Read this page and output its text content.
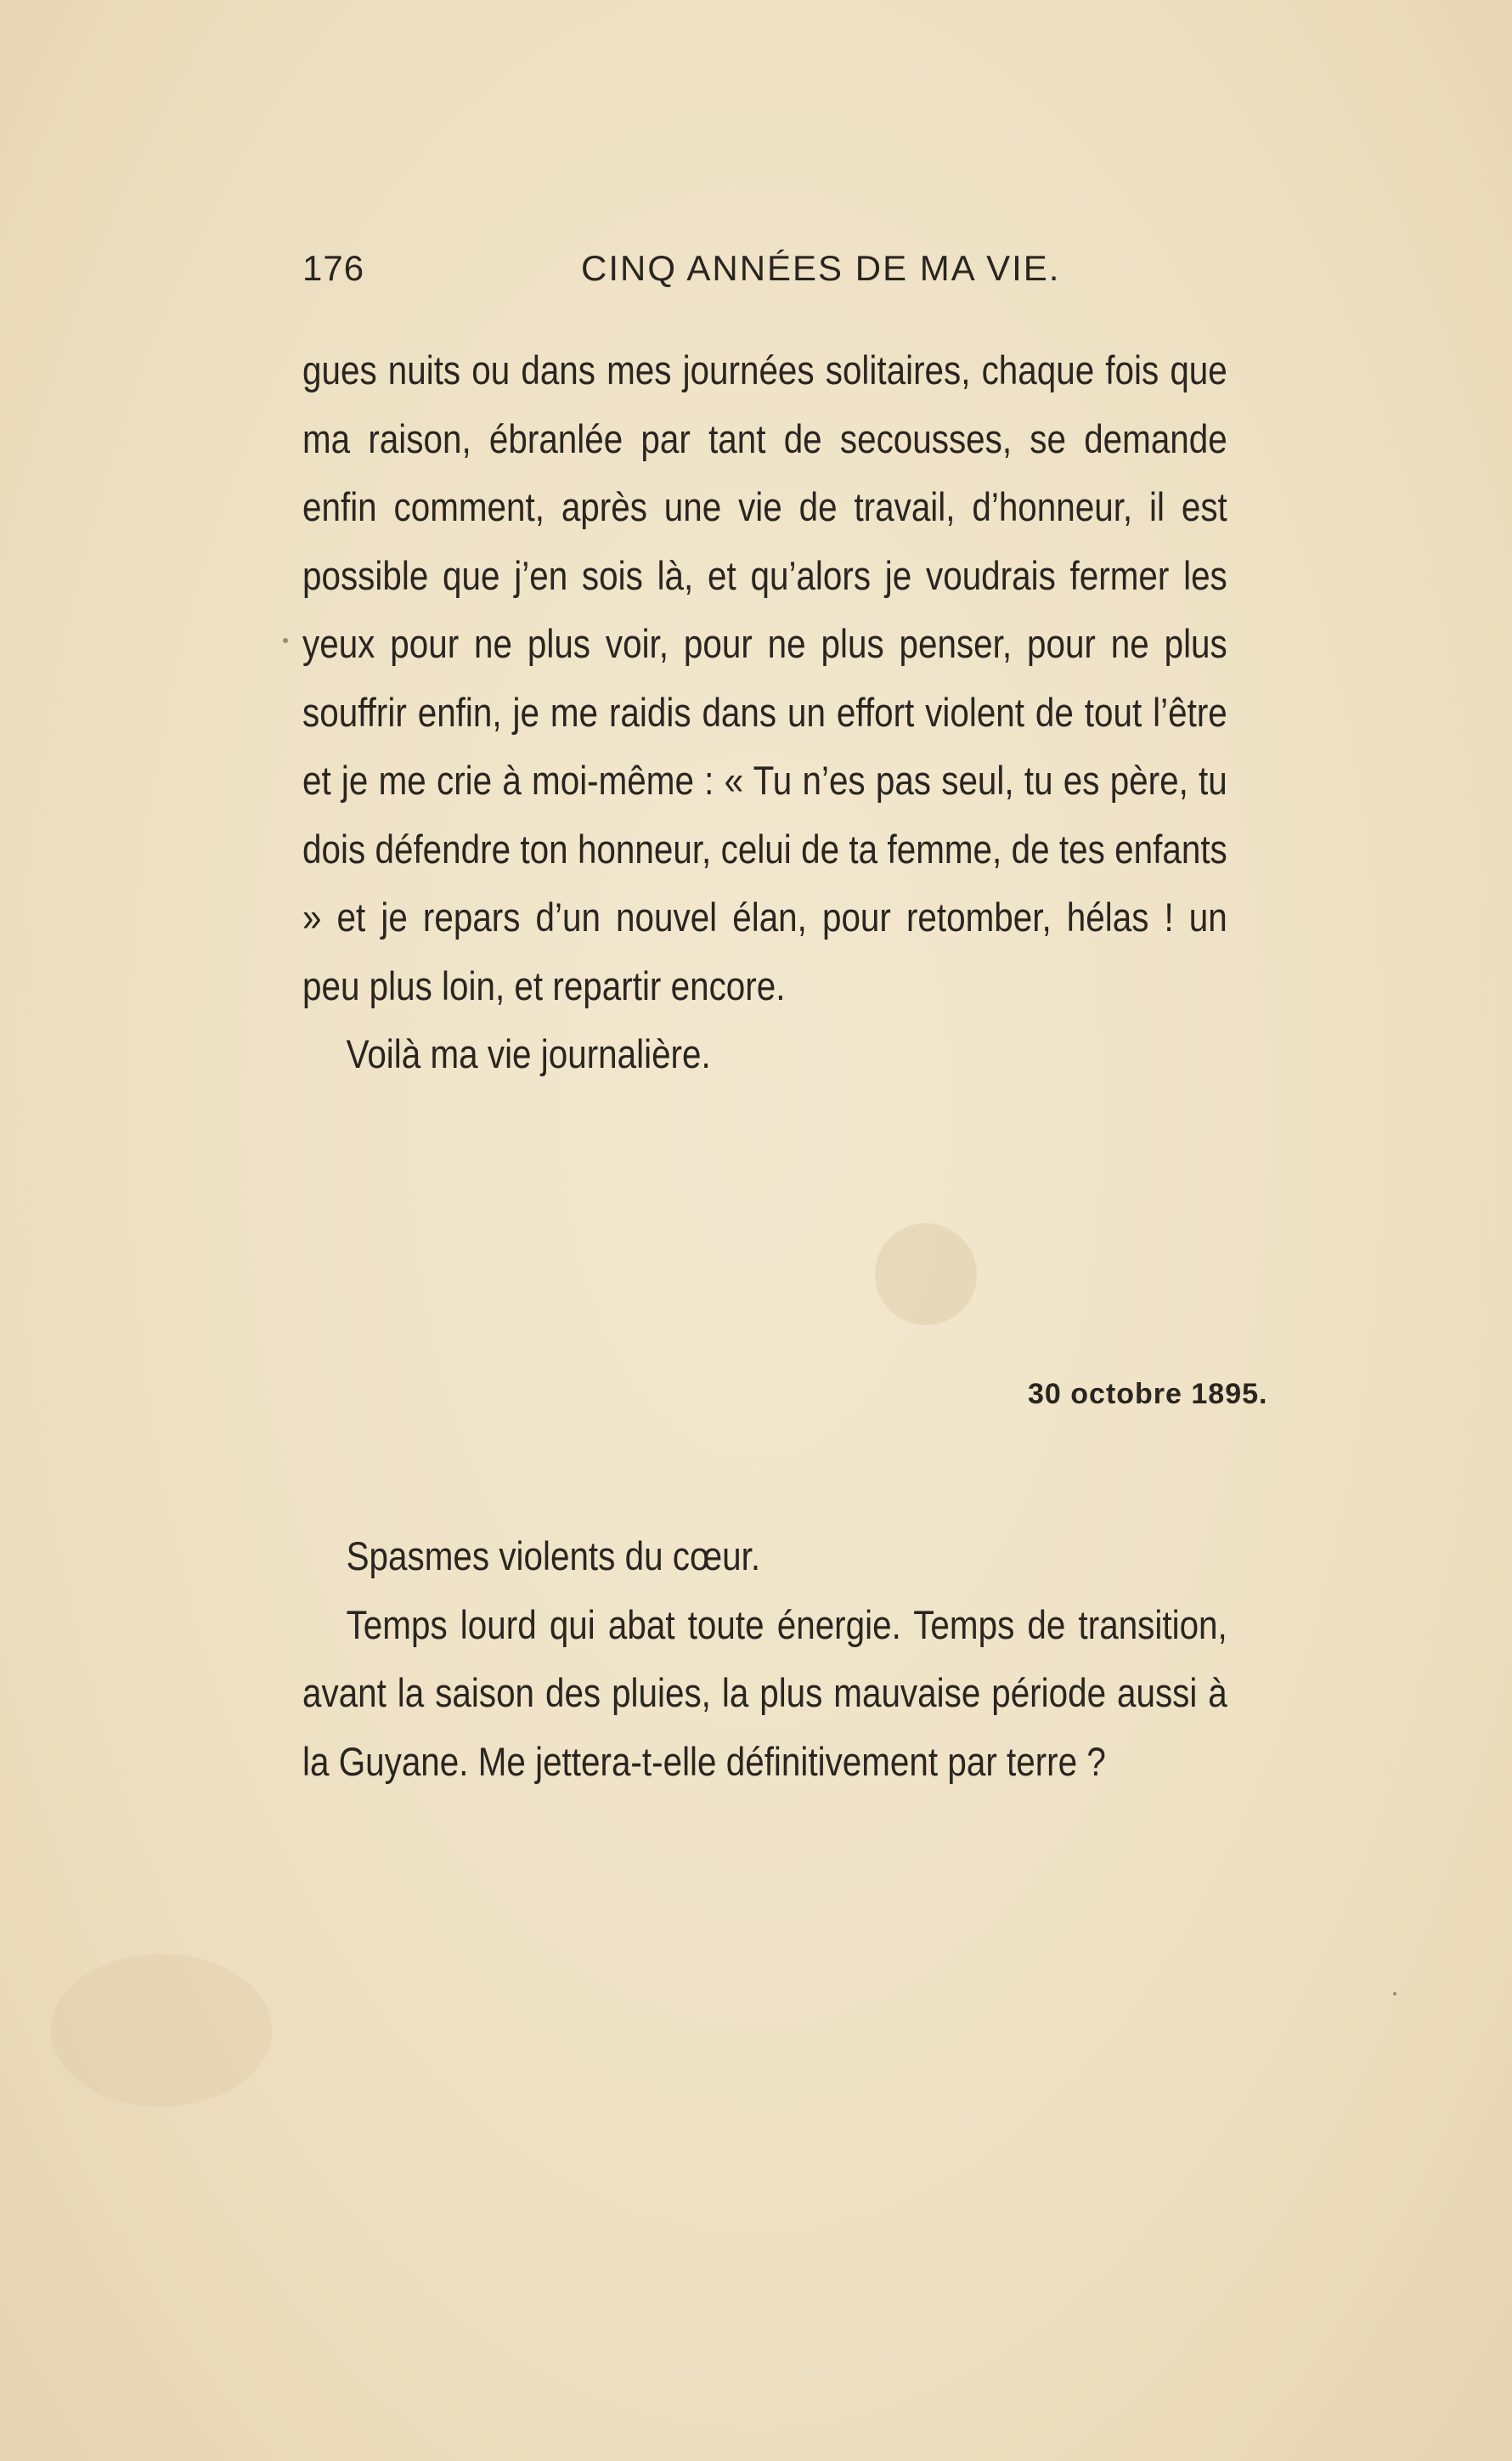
176	CINQ ANNÉES DE MA VIE.

gues nuits ou dans mes journées solitaires, chaque fois que ma raison, ébranlée par tant de secousses, se demande enfin comment, après une vie de travail, d’honneur, il est possible que j’en sois là, et qu’alors je voudrais fermer les yeux pour ne plus voir, pour ne plus penser, pour ne plus souffrir enfin, je me raidis dans un effort violent de tout l’être et je me crie à moi-même : « Tu n’es pas seul, tu es père, tu dois défendre ton honneur, celui de ta femme, de tes enfants » et je repars d’un nouvel élan, pour retomber, hélas ! un peu plus loin, et repartir encore.

Voilà ma vie journalière.

30 octobre 1895.

Spasmes violents du cœur.

Temps lourd qui abat toute énergie. Temps de transition, avant la saison des pluies, la plus mauvaise période aussi à la Guyane. Me jettera-t-elle définitivement par terre ?
